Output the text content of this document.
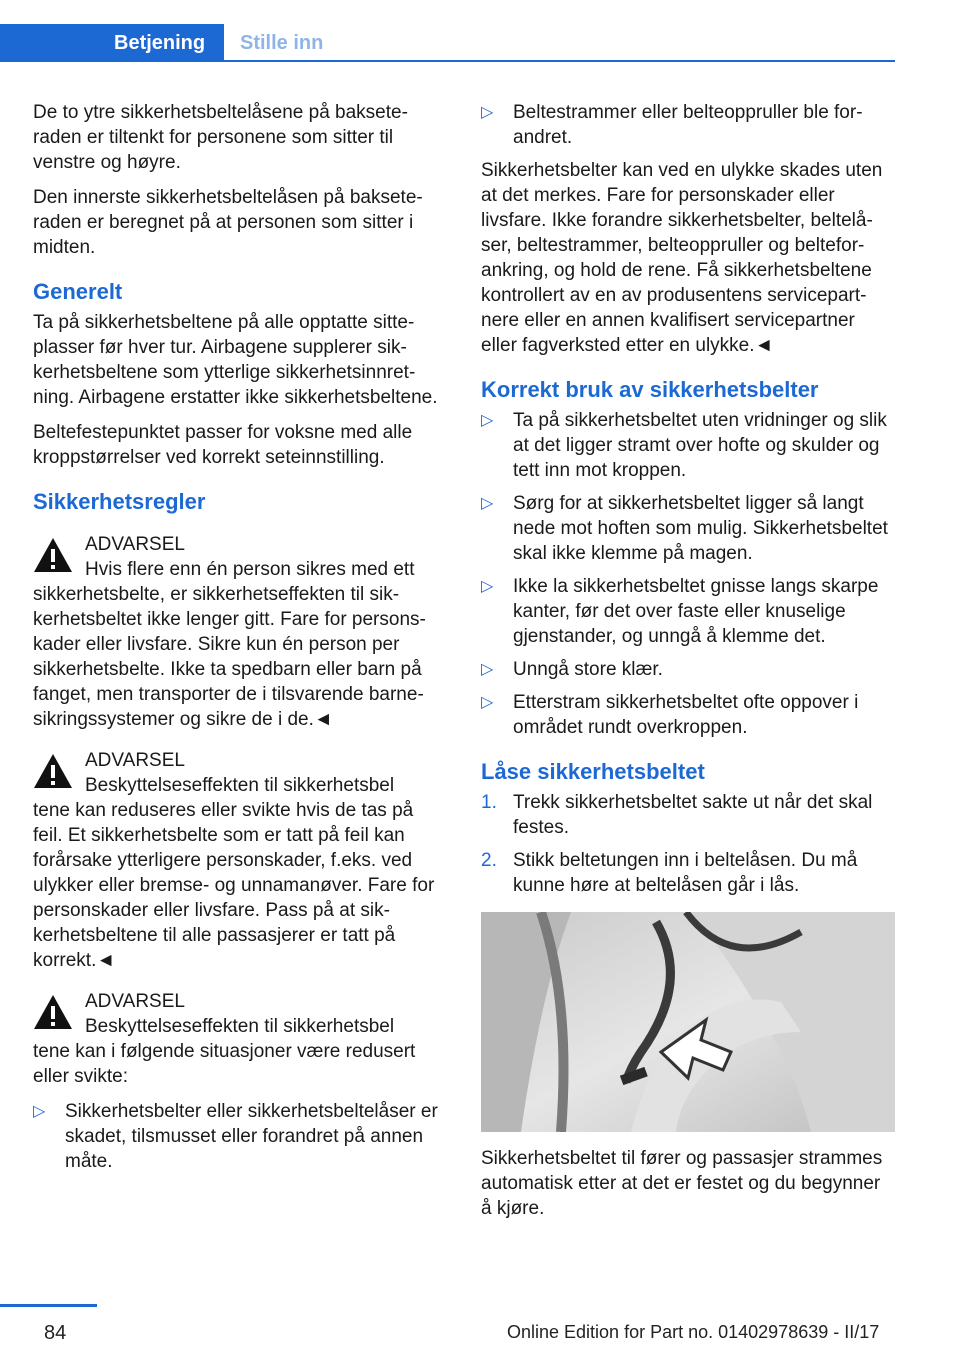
Betjening	Stille inn

De to ytre sikkerhetsbeltelåsene på bakseteraden er tiltenkt for personene som sitter til venstre og høyre.

Den innerste sikkerhetsbeltelåsen på bakseteraden er beregnet på at personen som sitter i midten.

Generelt

Ta på sikkerhetsbeltene på alle opptatte sitteplasser før hver tur. Airbagene supplerer sikkerhetsbeltene som ytterlige sikkerhetsinnretning. Airbagene erstatter ikke sikkerhetsbeltene.

Beltefestepunktet passer for voksne med alle kroppstørrelser ved korrekt seteinnstilling.

Sikkerhetsregler
ADVARSEL
Hvis flere enn én person sikres med ett
sikkerhetsbelte, er sikkerhetseffekten til sikkerhetsbeltet ikke lenger gitt. Fare for personskader eller livsfare. Sikre kun én person per sikkerhetsbelte. Ikke ta spedbarn eller barn på fanget, men transporter de i tilsvarende barnesikringssystemer og sikre de i de.◄
ADVARSEL
Beskyttelseseffekten til sikkerhetsbel
tene kan reduseres eller svikte hvis de tas på feil. Et sikkerhetsbelte som er tatt på feil kan forårsake ytterligere personskader, f.eks. ved ulykker eller bremse- og unnamanøver. Fare for personskader eller livsfare. Pass på at sikkerhetsbeltene til alle passasjerer er tatt på korrekt.◄
ADVARSEL
Beskyttelseseffekten til sikkerhetsbel
tene kan i følgende situasjoner være redusert eller svikte:
▷	Sikkerhetsbelter eller sikkerhetsbeltelåser er skadet, tilsmusset eller forandret på annen måte.
▷	Beltestrammer eller belteoppruller ble forandret.

Sikkerhetsbelter kan ved en ulykke skades uten at det merkes. Fare for personskader eller livsfare. Ikke forandre sikkerhetsbelter, beltelåser, beltestrammer, belteoppruller og belteforankring, og hold de rene. Få sikkerhetsbeltene kontrollert av en av produsentens servicepartnere eller en annen kvalifisert servicepartner eller fagverksted etter en ulykke.◄

Korrekt bruk av sikkerhetsbelter
▷	Ta på sikkerhetsbeltet uten vridninger og slik at det ligger stramt over hofte og skulder og tett inn mot kroppen.
▷	Sørg for at sikkerhetsbeltet ligger så langt nede mot hoften som mulig. Sikkerhetsbeltet skal ikke klemme på magen.
▷	Ikke la sikkerhetsbeltet gnisse langs skarpe kanter, før det over faste eller knuselige gjenstander, og unngå å klemme det.
▷	Unngå store klær.
▷	Etterstram sikkerhetsbeltet ofte oppover i området rundt overkroppen.
Låse sikkerhetsbeltet
1. Trekk sikkerhetsbeltet sakte ut når det skal festes.
2. Stikk beltetungen inn i beltelåsen. Du må kunne høre at beltelåsen går i lås.

Sikkerhetsbeltet til fører og passasjer strammes automatisk etter at det er festet og du begynner å kjøre.

84	Online Edition for Part no. 01402978639 - II/17
